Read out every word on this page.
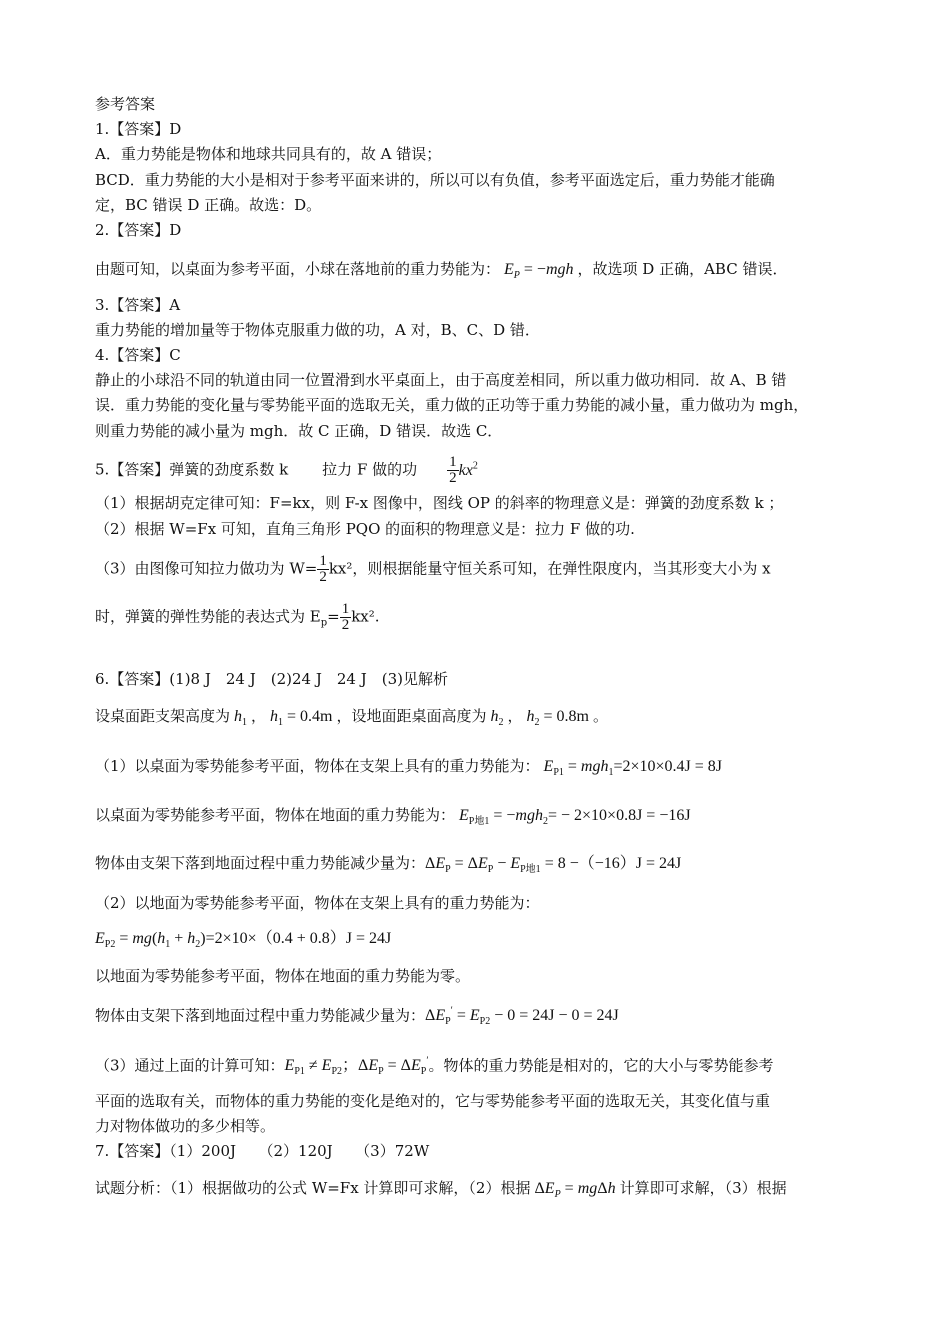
参考答案
1.【答案】D
A．重力势能是物体和地球共同具有的，故 A 错误；
BCD．重力势能的大小是相对于参考平面来讲的，所以可以有负值，参考平面选定后，重力势能才能确
定，BC 错误 D 正确。故选：D。
2.【答案】D
由题可知，以桌面为参考平面，小球在落地前的重力势能为： $E_P = -mgh$ ，故选项 D 正确，ABC 错误．
3.【答案】A
重力势能的增加量等于物体克服重力做的功，A 对，B、C、D 错．
4.【答案】C
静止的小球沿不同的轨道由同一位置滑到水平桌面上，由于高度差相同，所以重力做功相同．故 A、B 错
误．重力势能的变化量与零势能平面的选取无关，重力做的正功等于重力势能的减小量，重力做功为 mgh，
则重力势能的减小量为 mgh．故 C 正确，D 错误．故选 C．
5.【答案】弹簧的劲度系数 k 拉力 F 做的功 $\frac{1}{2} kx^2$
（1）根据胡克定律可知：F=kx，则 F-x 图像中，图线 OP 的斜率的物理意义是：弹簧的劲度系数 k ；
（2）根据 W=Fx 可知，直角三角形 PQO 的面积的物理意义是：拉力 F 做的功.
（3）由图像可知拉力做功为 $W= \frac{1}{2} kx^2$，则根据能量守恒关系可知，在弹性限度内，当其形变大小为 x
时，弹簧的弹性势能的表达式为 $E_p= \frac{1}{2} kx^2$.
6.【答案】(1)8 J　24 J　(2)24 J　24 J　(3)见解析
设桌面距支架高度为 $h_1$ ， $h_1 = 0.4m$ ，设地面距桌面高度为 $h_2$ ， $h_2 = 0.8m$ 。
（1）以桌面为零势能参考平面，物体在支架上具有的重力势能为： $E_{P1} = mgh_1=2\times 10\times 0.4J = 8J$
以桌面为零势能参考平面，物体在地面的重力势能为： $E_{P地1} = -mgh_2= - 2\times 10\times 0.8J = -16J$
物体由支架下落到地面过程中重力势能减少量为：$\Delta E_P = \Delta E_P - E_{P地1} = 8 -(-16)J = 24J$
（2）以地面为零势能参考平面，物体在支架上具有的重力势能为：
$E_{P2} = mg(h_1 + h_2)=2\times 10\times(0.4 + 0.8)J = 24J$
以地面为零势能参考平面，物体在地面的重力势能为零。
物体由支架下落到地面过程中重力势能减少量为：$\Delta E_P' = E_{P2} - 0 = 24J - 0 = 24J$
（3）通过上面的计算可知：$E_{P1} \ne E_{P2}$；$\Delta E_P = \Delta E_P'$。物体的重力势能是相对的，它的大小与零势能参考
平面的选取有关，而物体的重力势能的变化是绝对的，它与零势能参考平面的选取无关，其变化值与重
力对物体做功的多少相等。
7.【答案】（1）200J　　（2）120J　　（3）72W
试题分析：（1）根据做功的公式 W=Fx 计算即可求解，（2）根据 $\Delta E_P = mg\Delta h$ 计算即可求解，（3）根据
